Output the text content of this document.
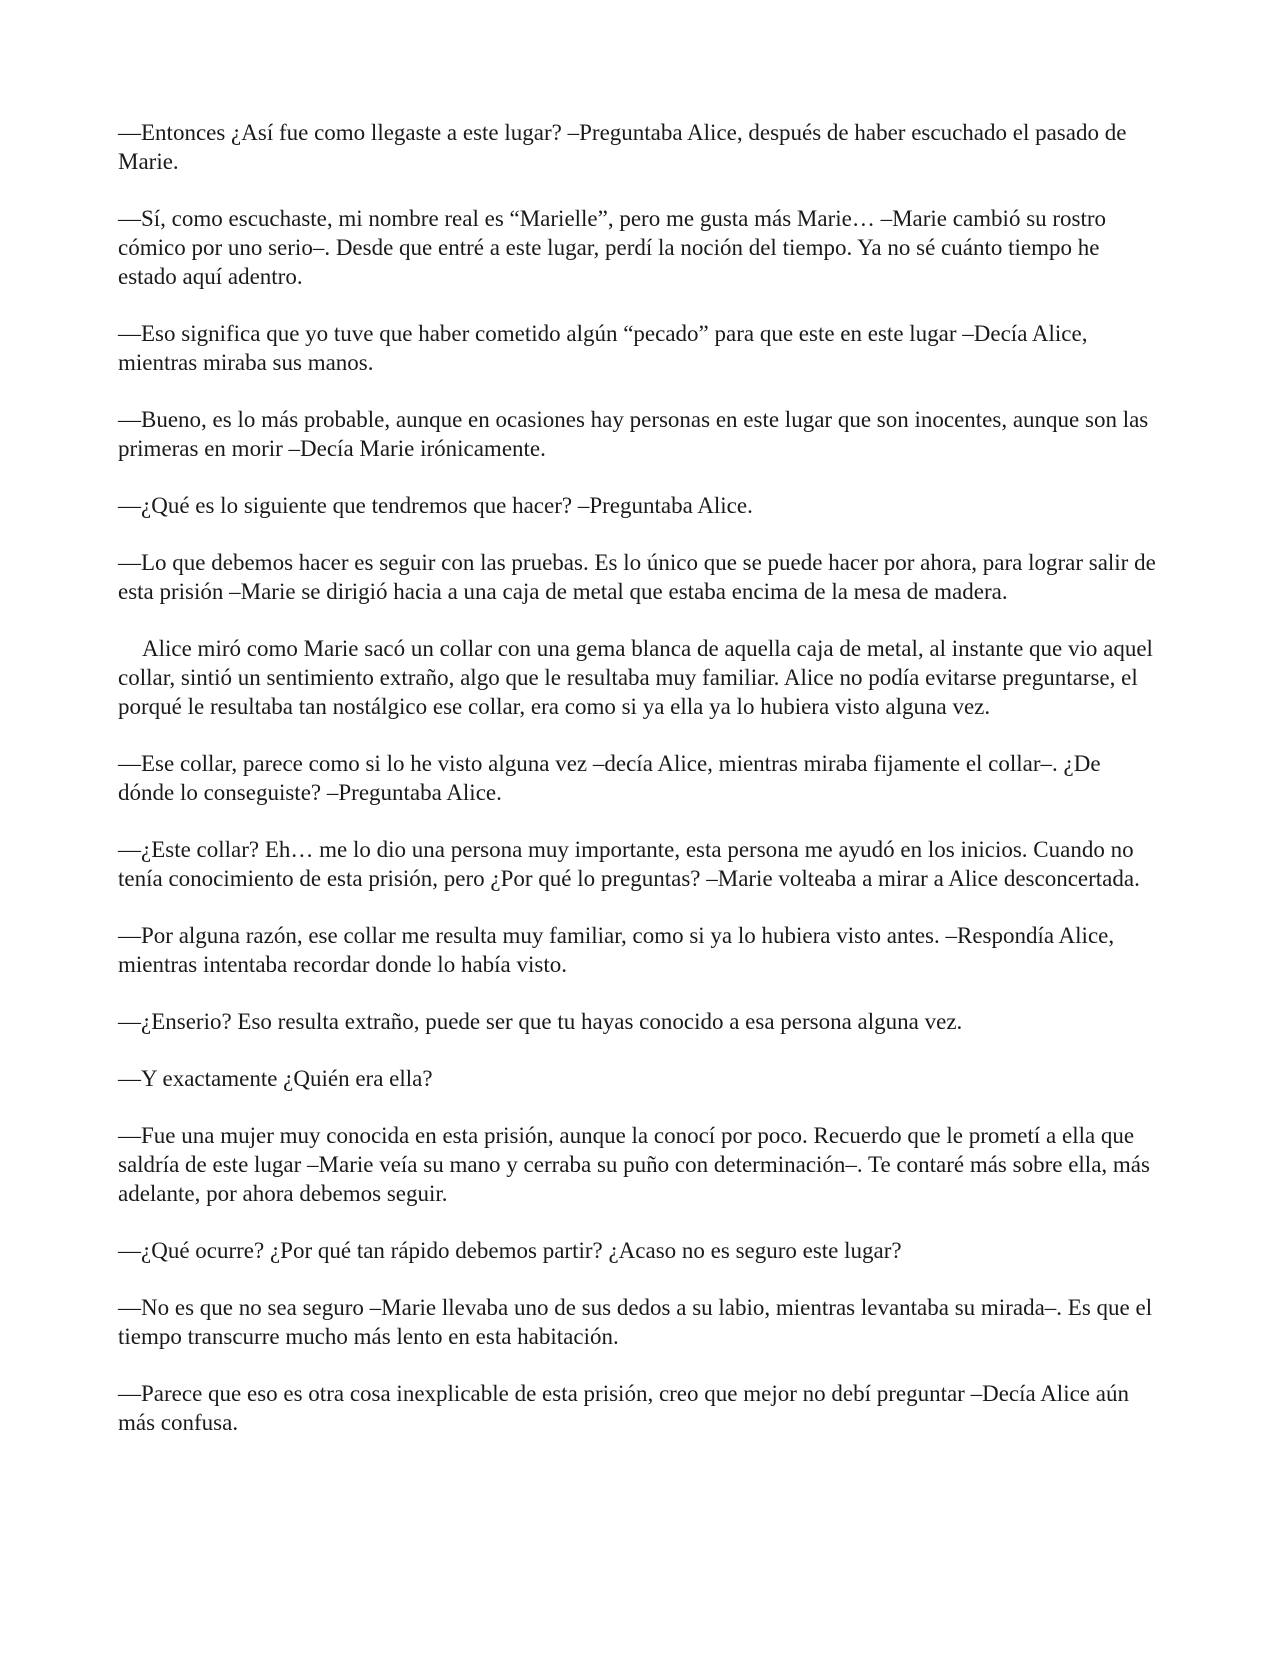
—Entonces ¿Así fue como llegaste a este lugar? –Preguntaba Alice, después de haber escuchado el pasado de Marie.

—Sí, como escuchaste, mi nombre real es “Marielle”, pero me gusta más Marie… –Marie cambió su rostro cómico por uno serio–. Desde que entré a este lugar, perdí la noción del tiempo. Ya no sé cuánto tiempo he estado aquí adentro.

—Eso significa que yo tuve que haber cometido algún “pecado” para que este en este lugar –Decía Alice, mientras miraba sus manos.

—Bueno, es lo más probable, aunque en ocasiones hay personas en este lugar que son inocentes, aunque son las primeras en morir –Decía Marie irónicamente.

—¿Qué es lo siguiente que tendremos que hacer? –Preguntaba Alice.

—Lo que debemos hacer es seguir con las pruebas. Es lo único que se puede hacer por ahora, para lograr salir de esta prisión –Marie se dirigió hacia a una caja de metal que estaba encima de la mesa de madera.

Alice miró como Marie sacó un collar con una gema blanca de aquella caja de metal, al instante que vio aquel collar, sintió un sentimiento extraño, algo que le resultaba muy familiar. Alice no podía evitarse preguntarse, el porqué le resultaba tan nostálgico ese collar, era como si ya ella ya lo hubiera visto alguna vez.

—Ese collar, parece como si lo he visto alguna vez –decía Alice, mientras miraba fijamente el collar–. ¿De dónde lo conseguiste? –Preguntaba Alice.

—¿Este collar? Eh… me lo dio una persona muy importante, esta persona me ayudó en los inicios. Cuando no tenía conocimiento de esta prisión, pero ¿Por qué lo preguntas? –Marie volteaba a mirar a Alice desconcertada.

—Por alguna razón, ese collar me resulta muy familiar, como si ya lo hubiera visto antes. –Respondía Alice, mientras intentaba recordar donde lo había visto.

—¿Enserio? Eso resulta extraño, puede ser que tu hayas conocido a esa persona alguna vez.

—Y exactamente ¿Quién era ella?

—Fue una mujer muy conocida en esta prisión, aunque la conocí por poco. Recuerdo que le prometí a ella que saldría de este lugar –Marie veía su mano y cerraba su puño con determinación–. Te contaré más sobre ella, más adelante, por ahora debemos seguir.

—¿Qué ocurre? ¿Por qué tan rápido debemos partir? ¿Acaso no es seguro este lugar?

—No es que no sea seguro –Marie llevaba uno de sus dedos a su labio, mientras levantaba su mirada–. Es que el tiempo transcurre mucho más lento en esta habitación.

—Parece que eso es otra cosa inexplicable de esta prisión, creo que mejor no debí preguntar –Decía Alice aún más confusa.
